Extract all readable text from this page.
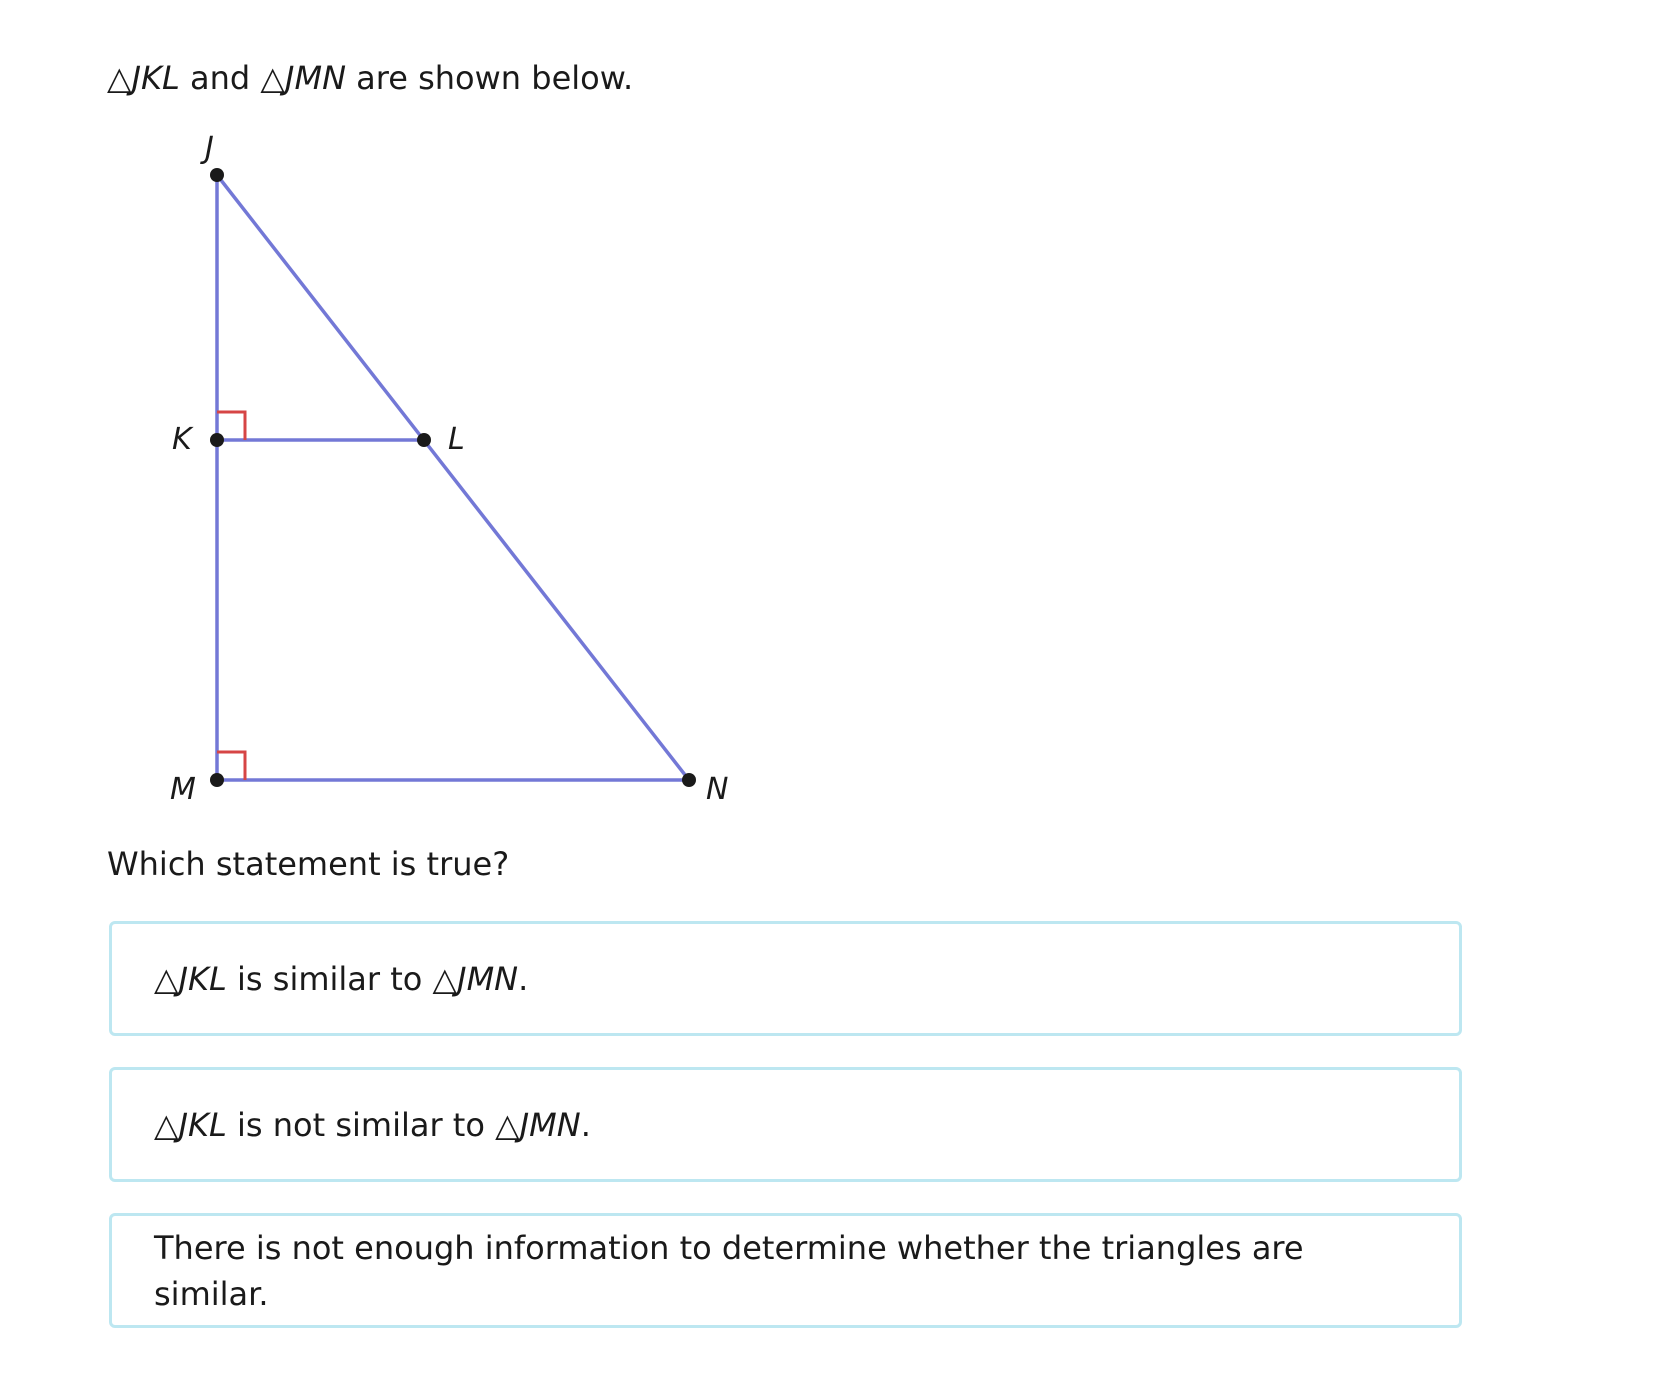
△JKL and △JMN are shown below.
J
K	L
M	N
Which statement is true?
△JKL is similar to △JMN.
△JKL is not similar to △JMN.
There is not enough information to determine whether the triangles are similar.
